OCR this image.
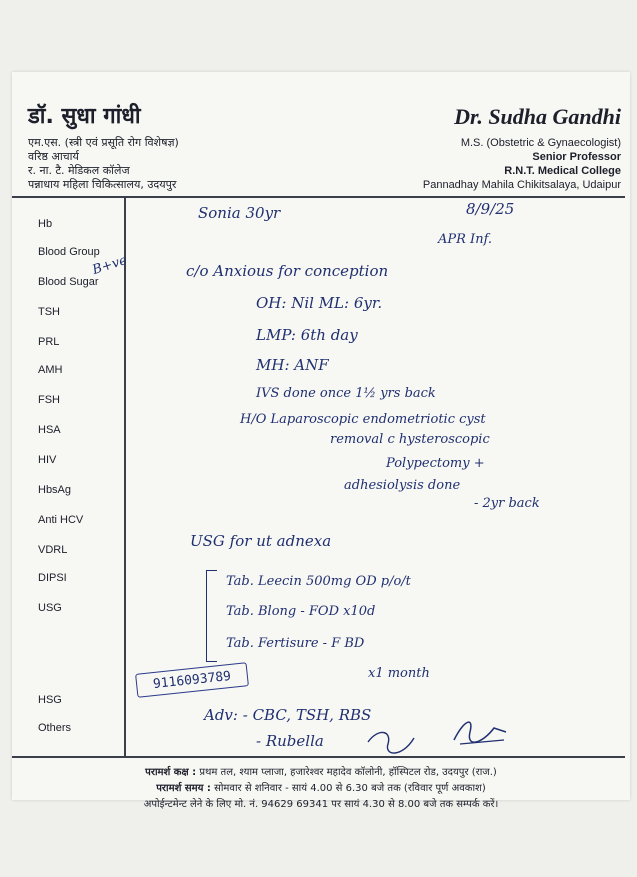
डॉ. सुधा गांधी
एम.एस. (स्त्री एवं प्रसूति रोग विशेषज्ञ)
वरिष्ठ आचार्य
र. ना. टै. मेडिकल कॉलेज
पन्नाधाय महिला चिकित्सालय, उदयपुर
Dr. Sudha Gandhi
M.S. (Obstetric & Gynaecologist)
Senior Professor
R.N.T. Medical College
Pannadhay Mahila Chikitsalaya, Udaipur
Hb
Blood Group
Blood Sugar
TSH
PRL
AMH
FSH
HSA
HIV
HbsAg
Anti HCV
VDRL
DIPSI
USG
HSG
Others
Sonia 30yr	8/9/25
APR Inf.
B+ve	c/o Anxious for conception
OH: Nil ML: 6yr.
LMP: 6th day
MH: ANF
IVS done once 1½ yrs back
H/O Laparoscopic endometriotic cyst
removal c hysteroscopic
Polypectomy +
adhesiolysis done
- 2yr back
USG for ut adnexa
Tab. Leecin 500mg OD p/o/t
Tab. Blong - FOD x10d
Tab. Fertisure - F BD
x1 month
9116093789
Adv: - CBC, TSH, RBS
- Rubella
परामर्श कक्ष : प्रथम तल, श्याम प्लाजा, हजारेश्वर महादेव कॉलोनी, हॉस्पिटल रोड, उदयपुर (राज.)
परामर्श समय : सोमवार से शनिवार - सायं 4.00 से 6.30 बजे तक (रविवार पूर्ण अवकाश)
अपोईन्टमेन्ट लेने के लिए मो. नं. 94629 69341 पर सायं 4.30 से 8.00 बजे तक सम्पर्क करें।
